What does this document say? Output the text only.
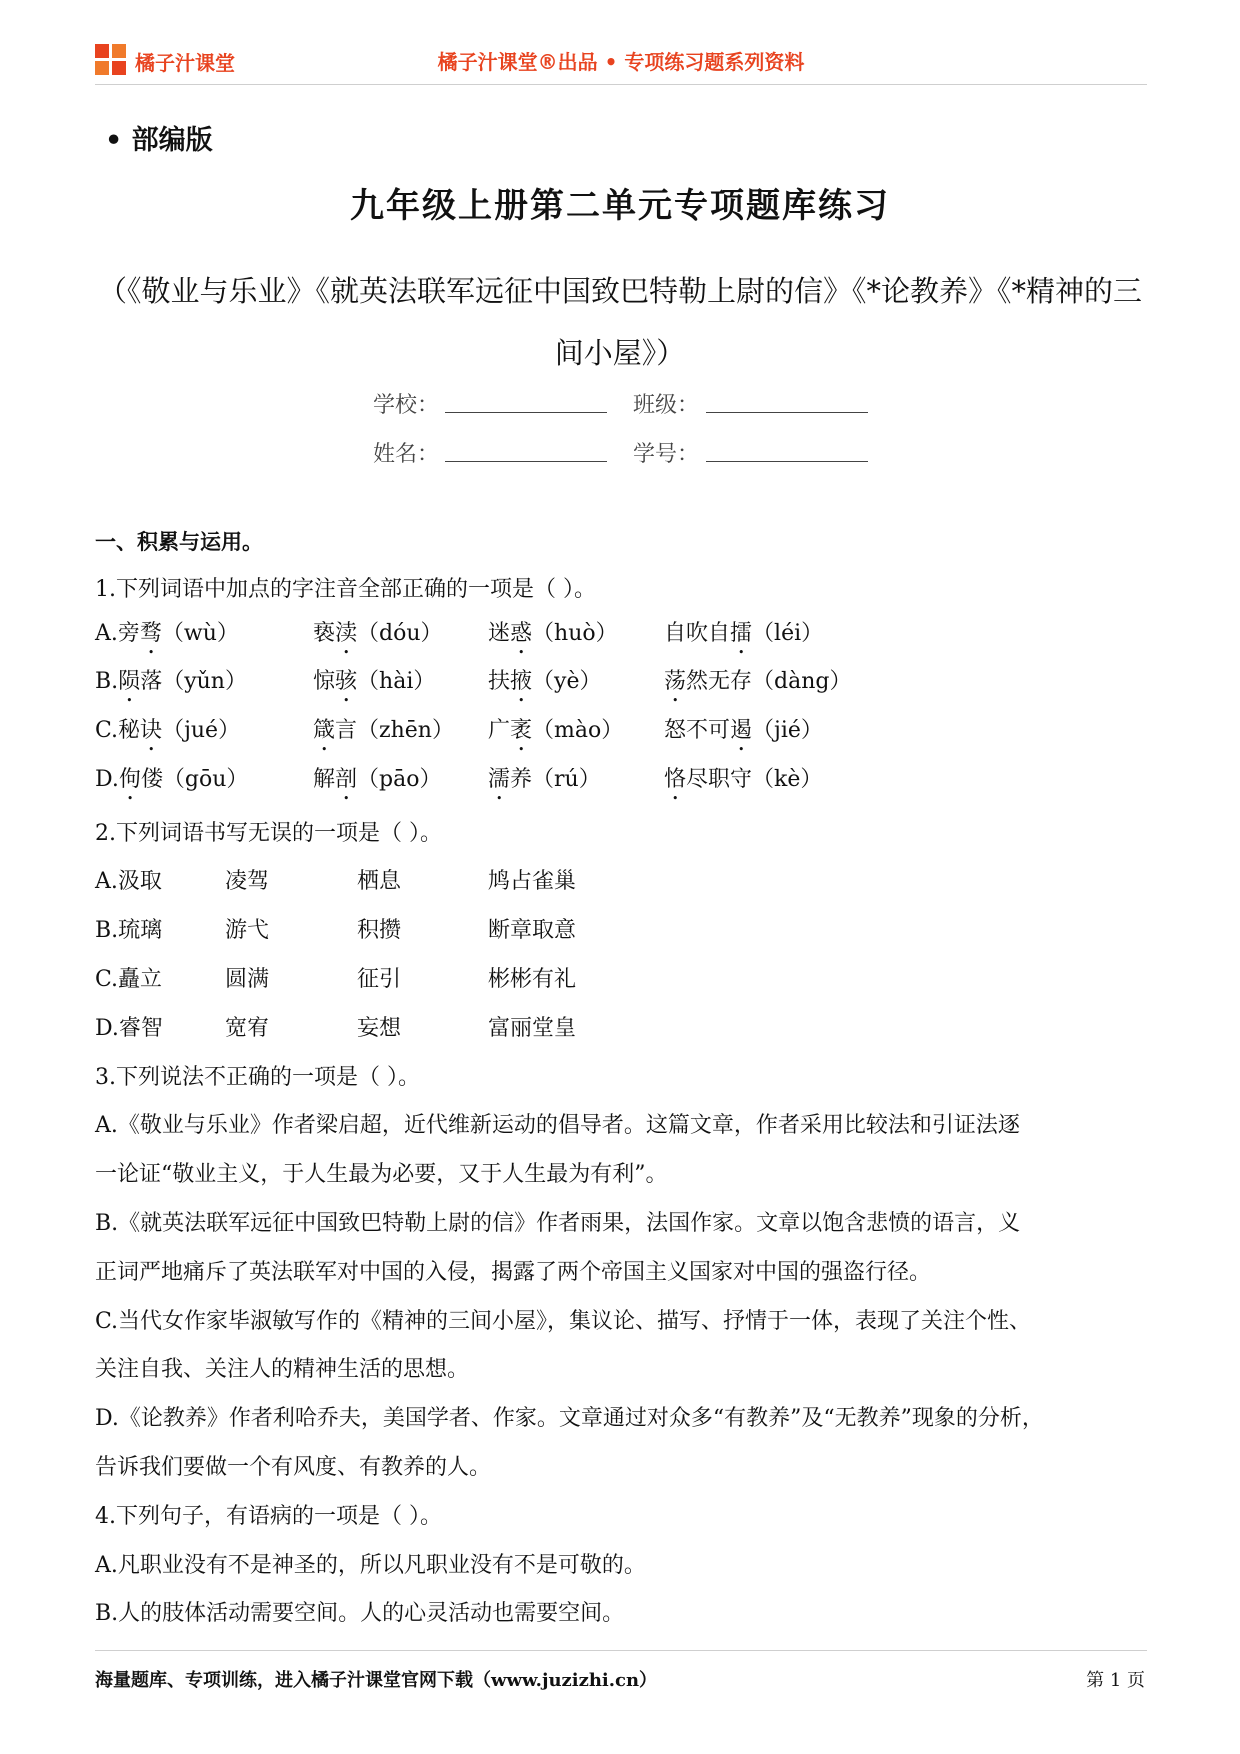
橘子汁课堂	橘子汁课堂®出品 • 专项练习题系列资料
• 部编版
九年级上册第二单元专项题库练习
（《敬业与乐业》《就英法联军远征中国致巴特勒上尉的信》《*论教养》《*精神的三间小屋》）
学校：	班级：
姓名：	学号：
一、积累与运用。
1.下列词语中加点的字注音全部正确的一项是（ ）。
A.旁骛（wù）	亵渎（dóu） 迷惑（huò） 自吹自擂（léi）
B.陨落（yǔn）	惊骇（hài） 扶掖（yè）	荡然无存（dàng）
C.秘诀（jué）	箴言（zhēn） 广袤（mào） 怒不可遏（jié）
D.佝偻（gōu）	解剖（pāo） 濡养（rú）	恪尽职守（kè）
2.下列词语书写无误的一项是（ ）。
A.汲取	凌驾	栖息	鸠占雀巢
B.琉璃	游弋	积攒	断章取意
C.矗立	圆满	征引	彬彬有礼
D.睿智	宽宥	妄想	富丽堂皇
3.下列说法不正确的一项是（ ）。
A.《敬业与乐业》作者梁启超，近代维新运动的倡导者。这篇文章，作者采用比较法和引证法逐
一论证“敬业主义，于人生最为必要，又于人生最为有利”。
B.《就英法联军远征中国致巴特勒上尉的信》作者雨果，法国作家。文章以饱含悲愤的语言，义
正词严地痛斥了英法联军对中国的入侵，揭露了两个帝国主义国家对中国的强盗行径。
C.当代女作家毕淑敏写作的《精神的三间小屋》，集议论、描写、抒情于一体，表现了关注个性、
关注自我、关注人的精神生活的思想。
D.《论教养》作者利哈乔夫，美国学者、作家。文章通过对众多“有教养”及“无教养”现象的分析，
告诉我们要做一个有风度、有教养的人。
4.下列句子，有语病的一项是（ ）。
A.凡职业没有不是神圣的，所以凡职业没有不是可敬的。
B.人的肢体活动需要空间。人的心灵活动也需要空间。
海量题库、专项训练，进入橘子汁课堂官网下载（www.juzizhi.cn）	第 1 页
